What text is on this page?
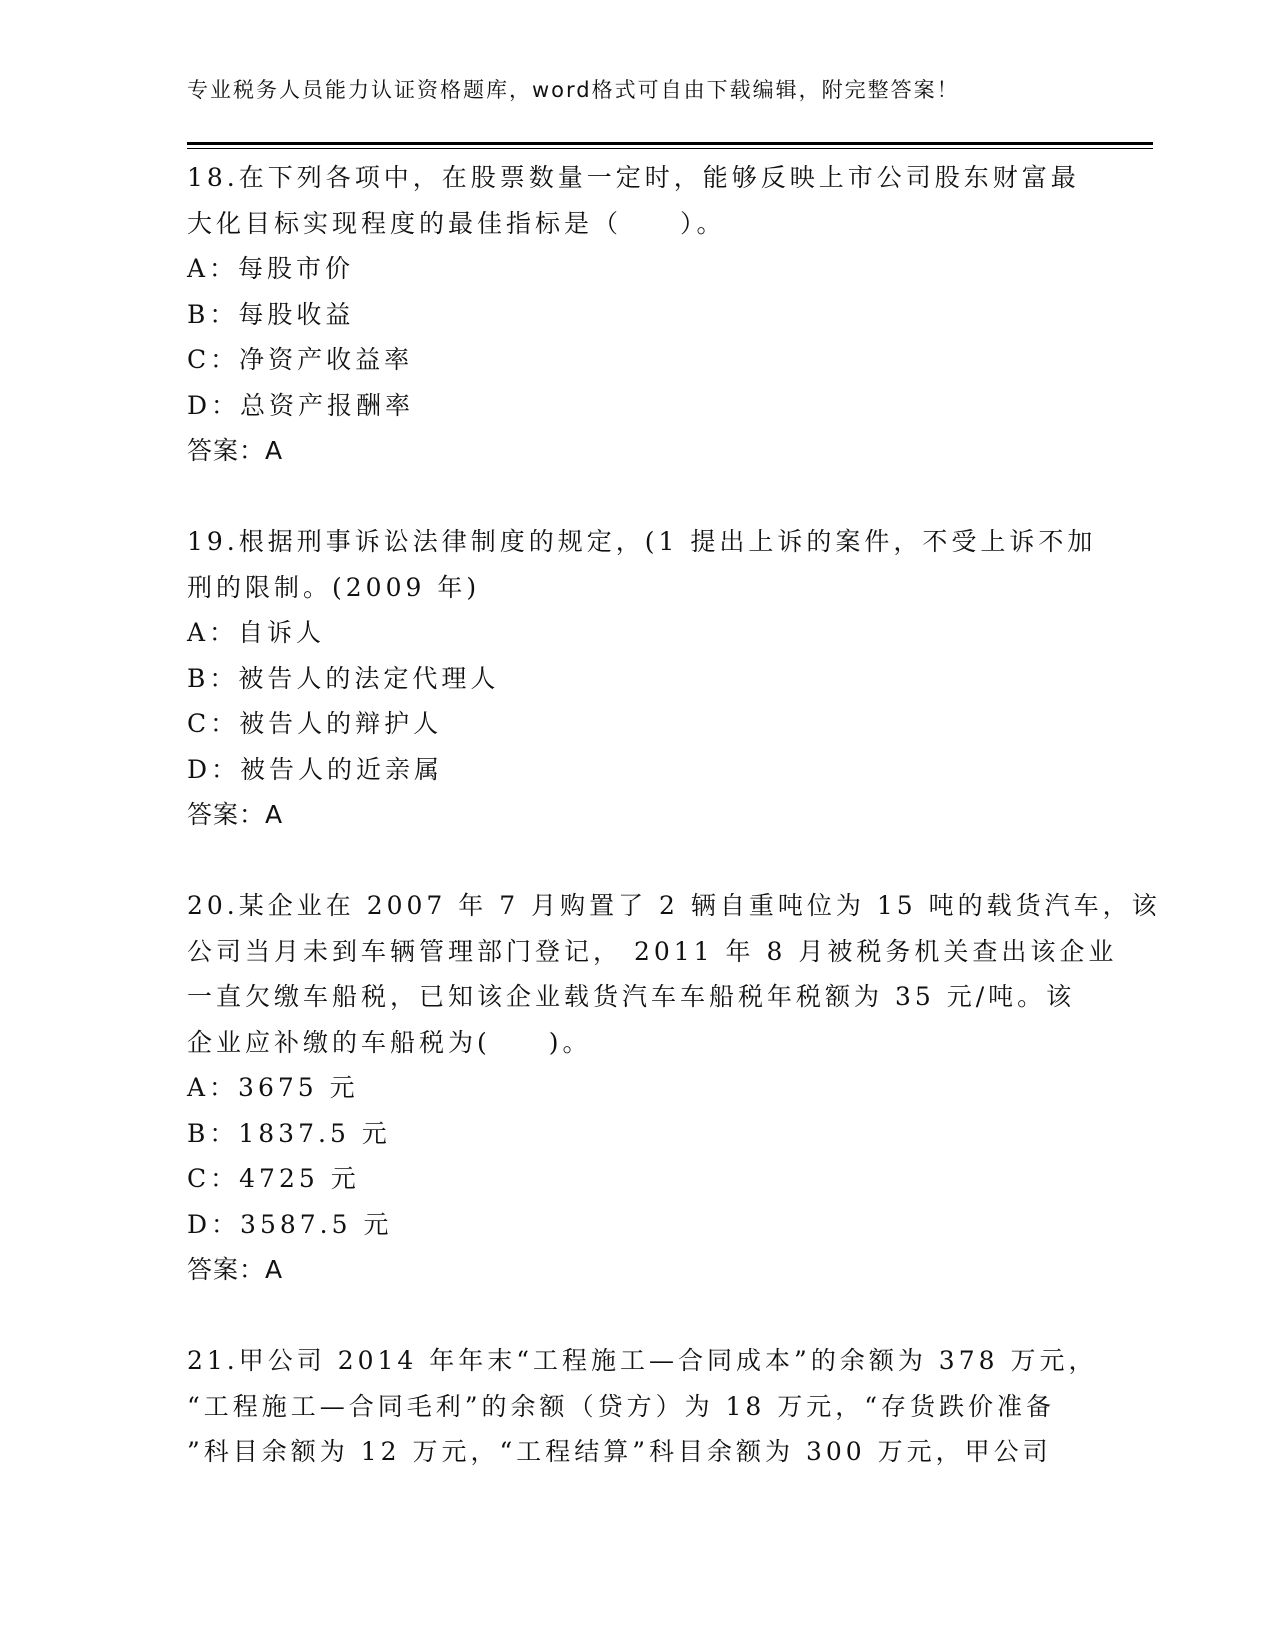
专业税务人员能力认证资格题库，word格式可自由下载编辑，附完整答案！
18.在下列各项中，在股票数量一定时，能够反映上市公司股东财富最
大化目标实现程度的最佳指标是（　　）。
A：每股市价
B：每股收益
C：净资产收益率
D：总资产报酬率
答案：A
19.根据刑事诉讼法律制度的规定，(1 提出上诉的案件，不受上诉不加
刑的限制。(2009 年)
A：自诉人
B：被告人的法定代理人
C：被告人的辩护人
D：被告人的近亲属
答案：A
20.某企业在 2007 年 7 月购置了 2 辆自重吨位为 15 吨的载货汽车，该
公司当月未到车辆管理部门登记， 2011 年 8 月被税务机关查出该企业
一直欠缴车船税，已知该企业载货汽车车船税年税额为 35 元/吨。该
企业应补缴的车船税为(　　)。
A：3675 元
B：1837.5 元
C：4725 元
D：3587.5 元
答案：A
21.甲公司 2014 年年末“工程施工—合同成本”的余额为 378 万元，
“工程施工—合同毛利”的余额（贷方）为 18 万元，“存货跌价准备
”科目余额为 12 万元，“工程结算”科目余额为 300 万元，甲公司
